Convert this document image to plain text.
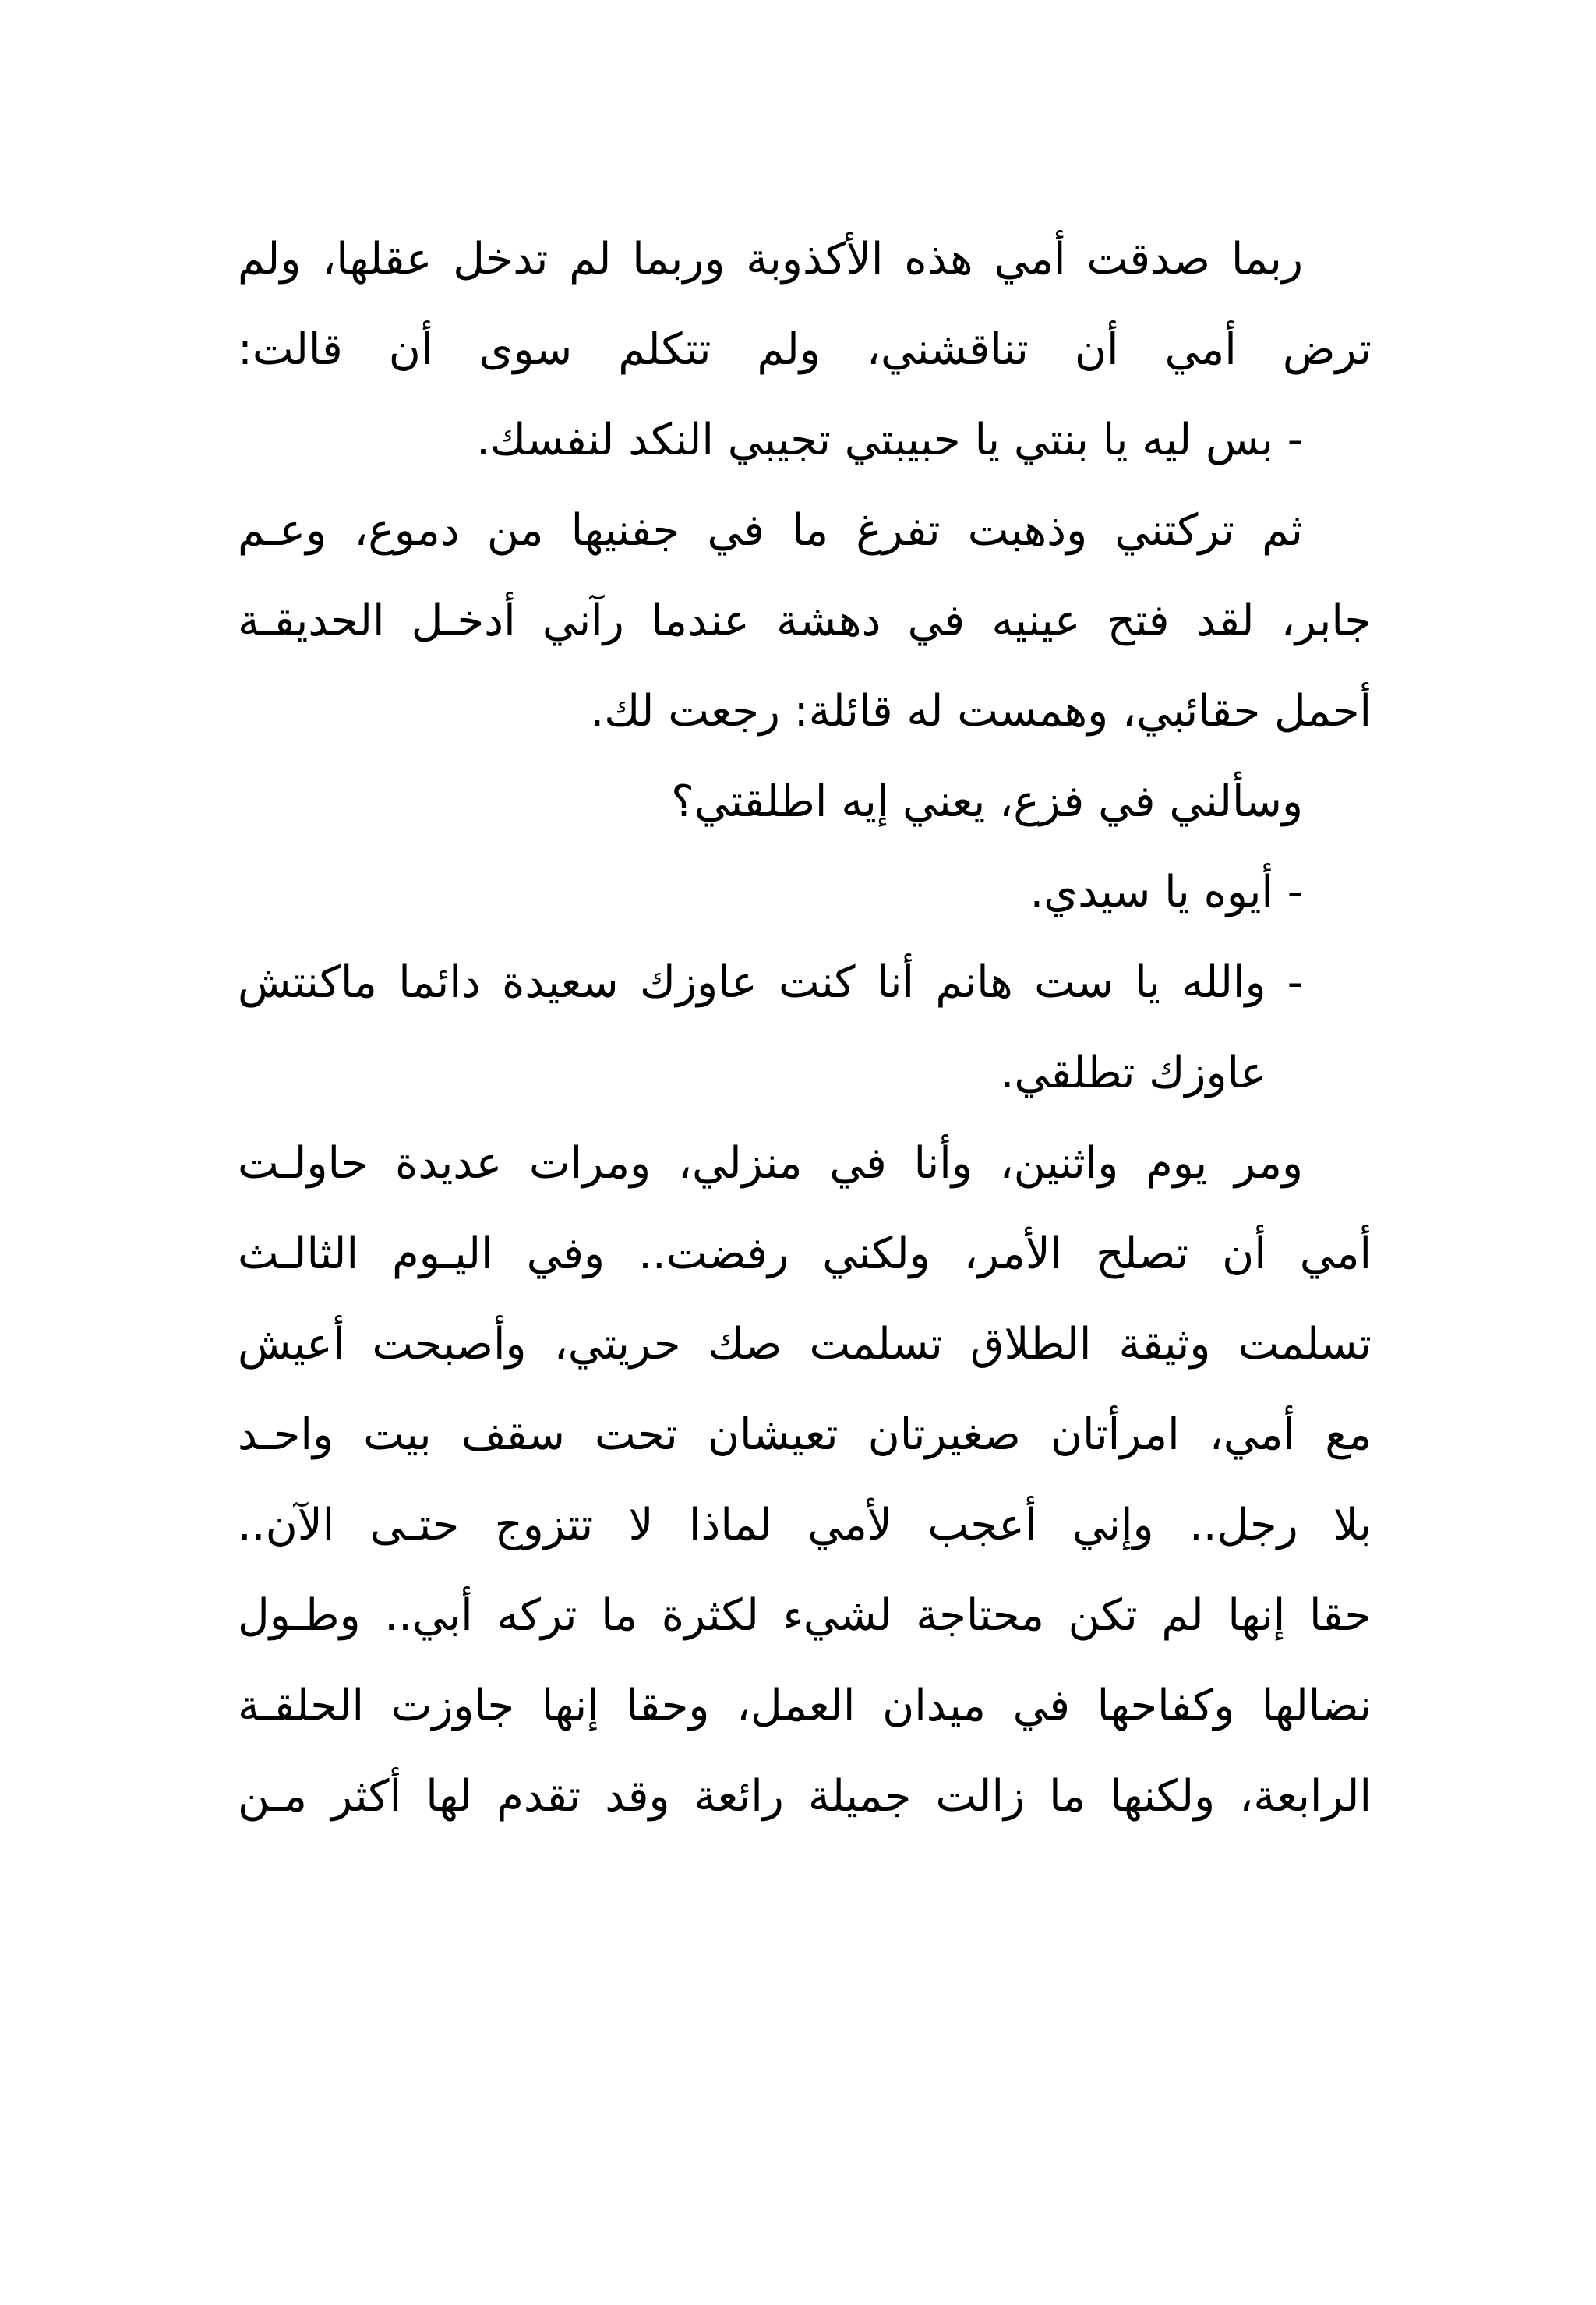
ربما صدقت أمي هذه الأكذوبة وربما لم تدخل عقلها، ولم
ترض أمي أن تناقشني، ولم تتكلم سوى أن قالت:
- بس ليه يا بنتي يا حبيبتي تجيبي النكد لنفسك.
ثم تركتني وذهبت تفرغ ما في جفنيها من دموع، وعـم
جابر، لقد فتح عينيه في دهشة عندما رآني أدخـل الحديقـة
أحمل حقائبي، وهمست له قائلة: رجعت لك.
وسألني في فزع، يعني إيه اطلقتي؟
- أيوه يا سيدي.
- والله يا ست هانم أنا كنت عاوزك سعيدة دائما ماكنتش
عاوزك تطلقي.
ومر يوم واثنين، وأنا في منزلي، ومرات عديدة حاولـت
أمي أن تصلح الأمر، ولكني رفضت.. وفي اليـوم الثالـث
تسلمت وثيقة الطلاق تسلمت صك حريتي، وأصبحت أعيش
مع أمي، امرأتان صغيرتان تعيشان تحت سقف بيت واحـد
بلا رجل.. وإني أعجب لأمي لماذا لا تتزوج حتـى الآن..
حقا إنها لم تكن محتاجة لشيء لكثرة ما تركه أبي.. وطـول
نضالها وكفاحها في ميدان العمل، وحقا إنها جاوزت الحلقـة
الرابعة، ولكنها ما زالت جميلة رائعة وقد تقدم لها أكثر مـن
